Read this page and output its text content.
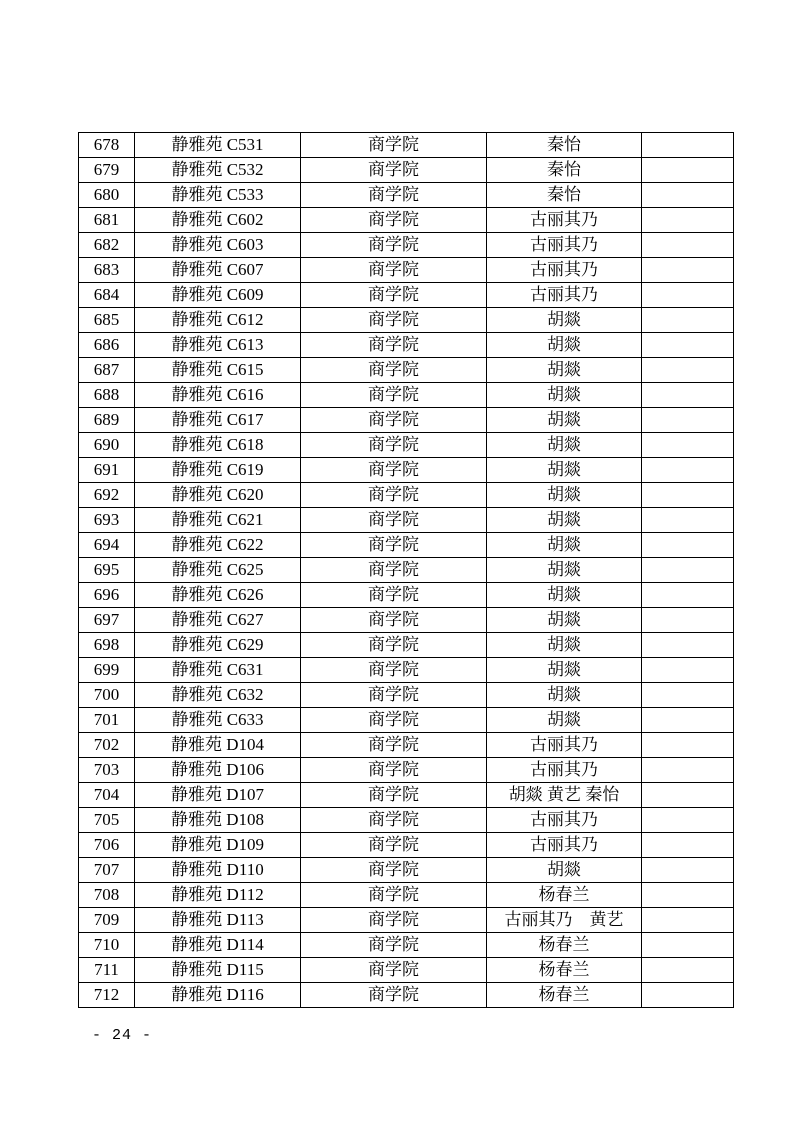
678	静雅苑 C531	商学院	秦怡	
679	静雅苑 C532	商学院	秦怡	
680	静雅苑 C533	商学院	秦怡	
681	静雅苑 C602	商学院	古丽其乃	
682	静雅苑 C603	商学院	古丽其乃	
683	静雅苑 C607	商学院	古丽其乃	
684	静雅苑 C609	商学院	古丽其乃	
685	静雅苑 C612	商学院	胡燚	
686	静雅苑 C613	商学院	胡燚	
687	静雅苑 C615	商学院	胡燚	
688	静雅苑 C616	商学院	胡燚	
689	静雅苑 C617	商学院	胡燚	
690	静雅苑 C618	商学院	胡燚	
691	静雅苑 C619	商学院	胡燚	
692	静雅苑 C620	商学院	胡燚	
693	静雅苑 C621	商学院	胡燚	
694	静雅苑 C622	商学院	胡燚	
695	静雅苑 C625	商学院	胡燚	
696	静雅苑 C626	商学院	胡燚	
697	静雅苑 C627	商学院	胡燚	
698	静雅苑 C629	商学院	胡燚	
699	静雅苑 C631	商学院	胡燚	
700	静雅苑 C632	商学院	胡燚	
701	静雅苑 C633	商学院	胡燚	
702	静雅苑 D104	商学院	古丽其乃	
703	静雅苑 D106	商学院	古丽其乃	
704	静雅苑 D107	商学院	胡燚 黄艺 秦怡	
705	静雅苑 D108	商学院	古丽其乃	
706	静雅苑 D109	商学院	古丽其乃	
707	静雅苑 D110	商学院	胡燚	
708	静雅苑 D112	商学院	杨春兰	
709	静雅苑 D113	商学院	古丽其乃　黄艺	
710	静雅苑 D114	商学院	杨春兰	
711	静雅苑 D115	商学院	杨春兰	
712	静雅苑 D116	商学院	杨春兰	
- 24 -
